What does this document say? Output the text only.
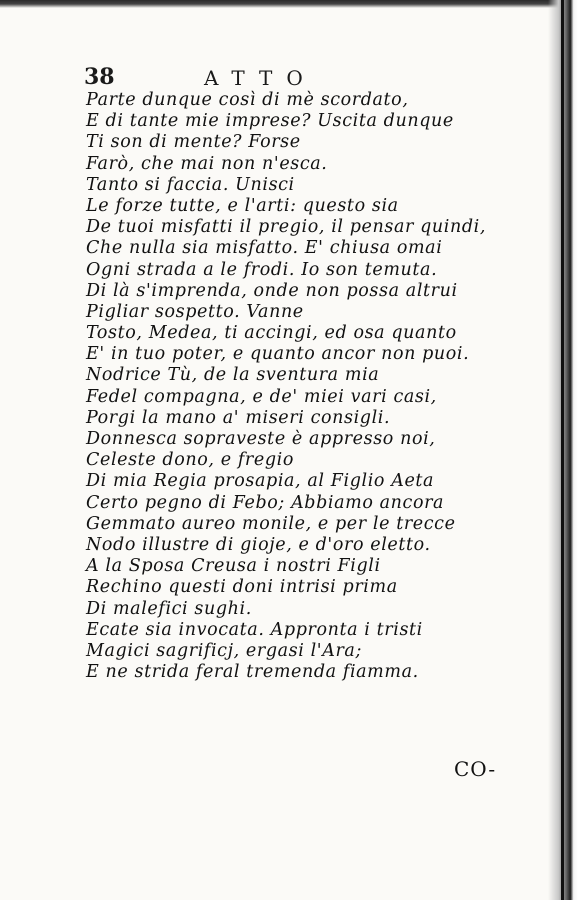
38	ATTO
Parte dunque così di mè scordato,
E di tante mie imprese? Uscita dunque
Ti son di mente? Forse
Farò, che mai non n'esca.
Tanto si faccia. Unisci
Le forze tutte, e l'arti: questo sia
De tuoi misfatti il pregio, il pensar quindi,
Che nulla sia misfatto. E' chiusa omai
Ogni strada a le frodi. Io son temuta.
Di là s'imprenda, onde non possa altrui
Pigliar sospetto. Vanne
Tosto, Medea, ti accingi, ed osa quanto
E' in tuo poter, e quanto ancor non puoi.
Nodrice Tù, de la sventura mia
Fedel compagna, e de' miei vari casi,
Porgi la mano a' miseri consigli.
Donnesca sopraveste è appresso noi,
Celeste dono, e fregio
Di mia Regia prosapia, al Figlio Aeta
Certo pegno di Febo; Abbiamo ancora
Gemmato aureo monile, e per le trecce
Nodo illustre di gioje, e d'oro eletto.
A la Sposa Creusa i nostri Figli
Rechino questi doni intrisi prima
Di malefici sughi.
Ecate sia invocata. Appronta i tristi
Magici sagrificj, ergasi l'Ara;
E ne strida feral tremenda fiamma.
CO-
